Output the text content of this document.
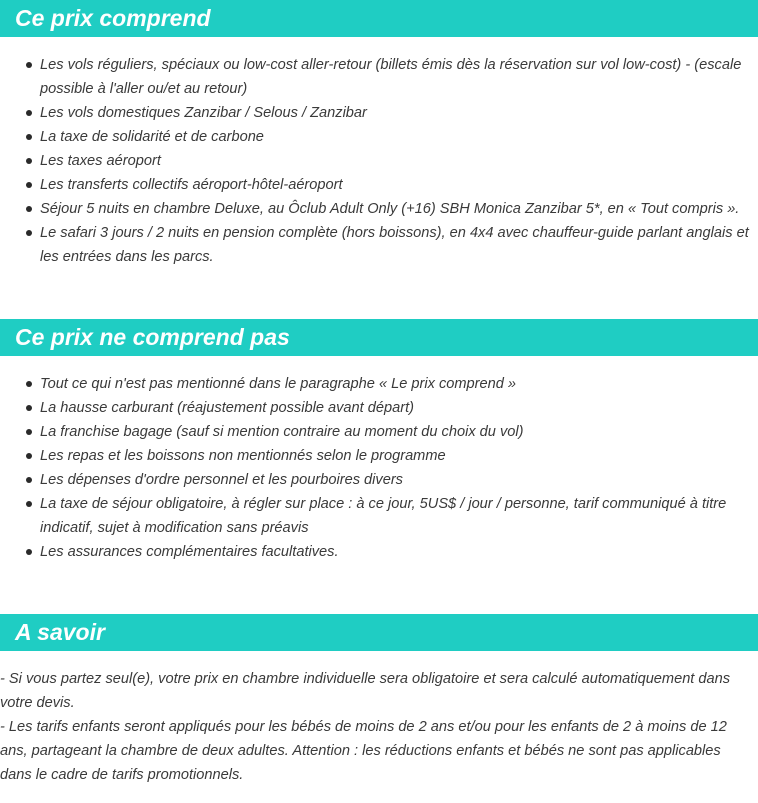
Ce prix comprend
Les vols réguliers, spéciaux ou low-cost aller-retour (billets émis dès la réservation sur vol low-cost) - (escale possible à l'aller ou/et au retour)
Les vols domestiques Zanzibar / Selous / Zanzibar
La taxe de solidarité et de carbone
Les taxes aéroport
Les transferts collectifs aéroport-hôtel-aéroport
Séjour 5 nuits en chambre Deluxe, au Ôclub Adult Only (+16) SBH Monica Zanzibar 5*, en « Tout compris ».
Le safari 3 jours / 2 nuits en pension complète (hors boissons), en 4x4 avec chauffeur-guide parlant anglais et les entrées dans les parcs.
Ce prix ne comprend pas
Tout ce qui n'est pas mentionné dans le paragraphe « Le prix comprend »
La hausse carburant (réajustement possible avant départ)
La franchise bagage (sauf si mention contraire au moment du choix du vol)
Les repas et les boissons non mentionnés selon le programme
Les dépenses d'ordre personnel et les pourboires divers
La taxe de séjour obligatoire, à régler sur place : à ce jour, 5US$ / jour / personne, tarif communiqué à titre indicatif, sujet à modification sans préavis
Les assurances complémentaires facultatives.
A savoir

- Si vous partez seul(e), votre prix en chambre individuelle sera obligatoire et sera calculé automatiquement dans votre devis.

- Les tarifs enfants seront appliqués pour les bébés de moins de 2 ans et/ou pour les enfants de 2 à moins de 12 ans, partageant la chambre de deux adultes. Attention : les réductions enfants et bébés ne sont pas applicables dans le cadre de tarifs promotionnels.
